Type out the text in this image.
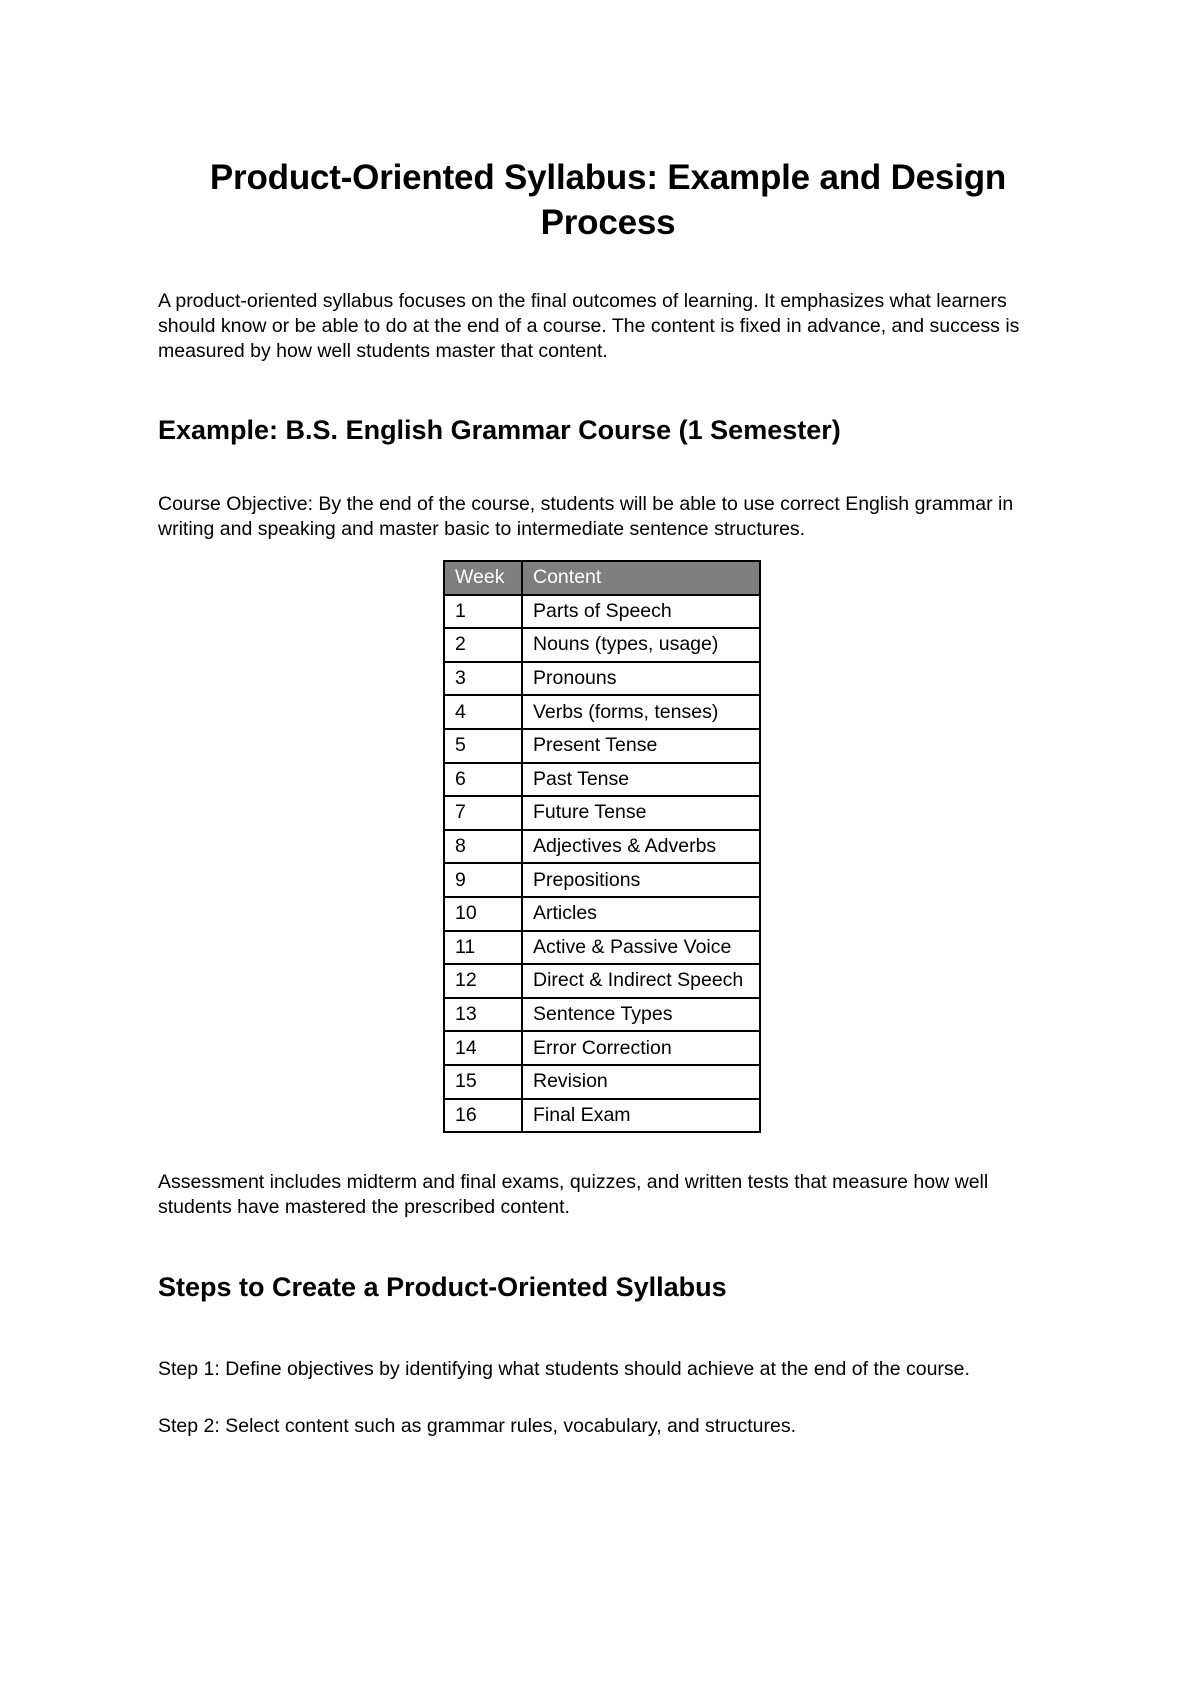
Product-Oriented Syllabus: Example and Design Process

A product-oriented syllabus focuses on the final outcomes of learning. It emphasizes what learners should know or be able to do at the end of a course. The content is fixed in advance, and success is measured by how well students master that content.

Example: B.S. English Grammar Course (1 Semester)

Course Objective: By the end of the course, students will be able to use correct English grammar in writing and speaking and master basic to intermediate sentence structures.

Week	Content
1	Parts of Speech
2	Nouns (types, usage)
3	Pronouns
4	Verbs (forms, tenses)
5	Present Tense
6	Past Tense
7	Future Tense
8	Adjectives & Adverbs
9	Prepositions
10	Articles
11	Active & Passive Voice
12	Direct & Indirect Speech
13	Sentence Types
14	Error Correction
15	Revision
16	Final Exam

Assessment includes midterm and final exams, quizzes, and written tests that measure how well students have mastered the prescribed content.

Steps to Create a Product-Oriented Syllabus

Step 1: Define objectives by identifying what students should achieve at the end of the course.

Step 2: Select content such as grammar rules, vocabulary, and structures.
